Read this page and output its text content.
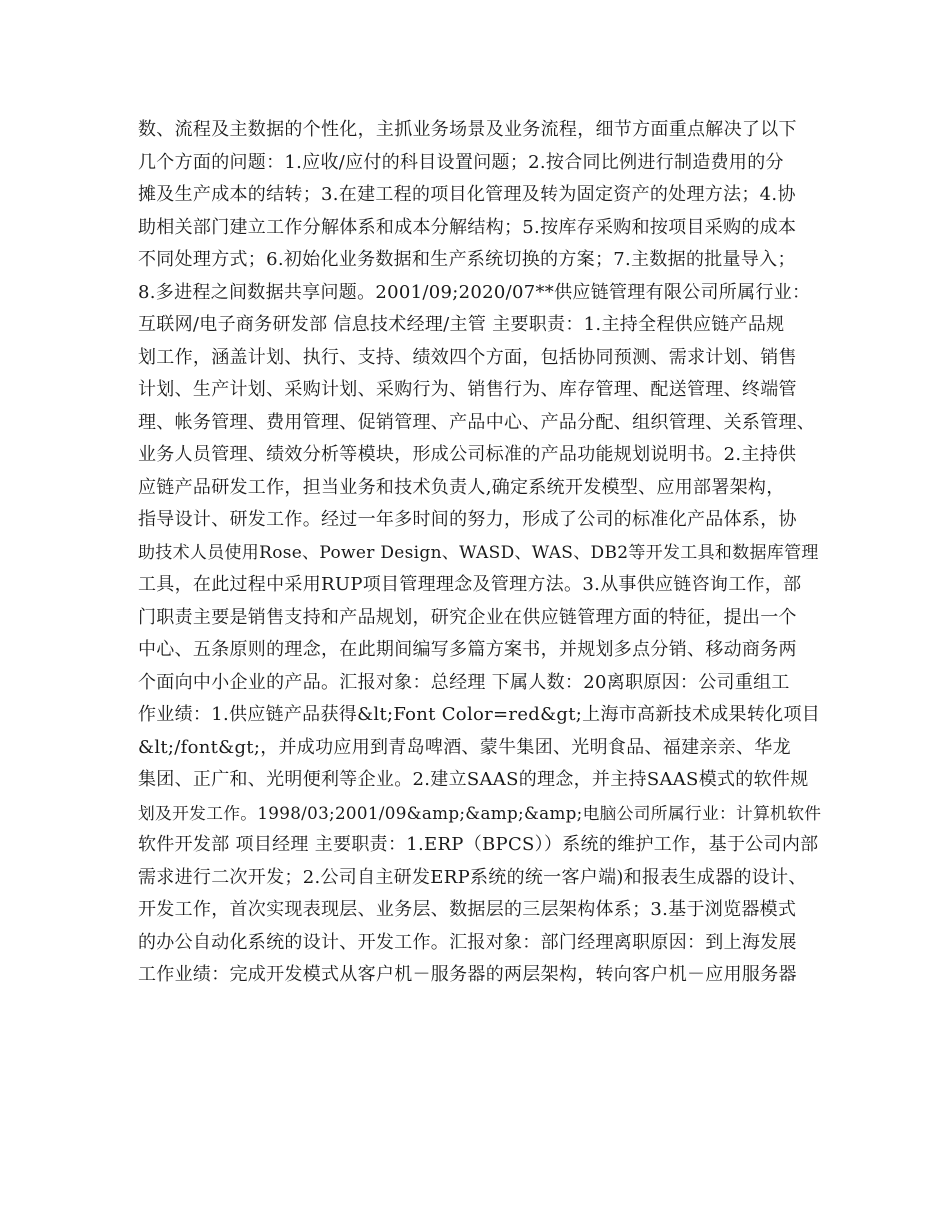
数、流程及主数据的个性化，主抓业务场景及业务流程，细节方面重点解决了以下
几个方面的问题：1.应收/应付的科目设置问题；2.按合同比例进行制造费用的分
摊及生产成本的结转；3.在建工程的项目化管理及转为固定资产的处理方法；4.协
助相关部门建立工作分解体系和成本分解结构；5.按库存采购和按项目采购的成本
不同处理方式；6.初始化业务数据和生产系统切换的方案；7.主数据的批量导入；
8.多进程之间数据共享问题。2001/09;2020/07**供应链管理有限公司所属行业：
互联网/电子商务研发部 信息技术经理/主管 主要职责：1.主持全程供应链产品规
划工作，涵盖计划、执行、支持、绩效四个方面，包括协同预测、需求计划、销售
计划、生产计划、采购计划、采购行为、销售行为、库存管理、配送管理、终端管
理、帐务管理、费用管理、促销管理、产品中心、产品分配、组织管理、关系管理、
业务人员管理、绩效分析等模块，形成公司标准的产品功能规划说明书。2.主持供
应链产品研发工作，担当业务和技术负责人,确定系统开发模型、应用部署架构，
指导设计、研发工作。经过一年多时间的努力，形成了公司的标准化产品体系，协
助技术人员使用Rose、Power Design、WASD、WAS、DB2等开发工具和数据库管理
工具，在此过程中采用RUP项目管理理念及管理方法。3.从事供应链咨询工作，部
门职责主要是销售支持和产品规划，研究企业在供应链管理方面的特征，提出一个
中心、五条原则的理念，在此期间编写多篇方案书，并规划多点分销、移动商务两
个面向中小企业的产品。汇报对象：总经理 下属人数：20离职原因：公司重组工
作业绩：1.供应链产品获得&lt;Font Color=red&gt;上海市高新技术成果转化项目
&lt;/font&gt;，并成功应用到青岛啤酒、蒙牛集团、光明食品、福建亲亲、华龙
集团、正广和、光明便利等企业。2.建立SAAS的理念，并主持SAAS模式的软件规
划及开发工作。1998/03;2001/09&amp;&amp;&amp;电脑公司所属行业：计算机软件
软件开发部 项目经理 主要职责：1.ERP（BPCS））系统的维护工作，基于公司内部
需求进行二次开发；2.公司自主研发ERP系统的统一客户端)和报表生成器的设计、
开发工作，首次实现表现层、业务层、数据层的三层架构体系；3.基于浏览器模式
的办公自动化系统的设计、开发工作。汇报对象：部门经理离职原因：到上海发展
工作业绩：完成开发模式从客户机－服务器的两层架构，转向客户机－应用服务器
